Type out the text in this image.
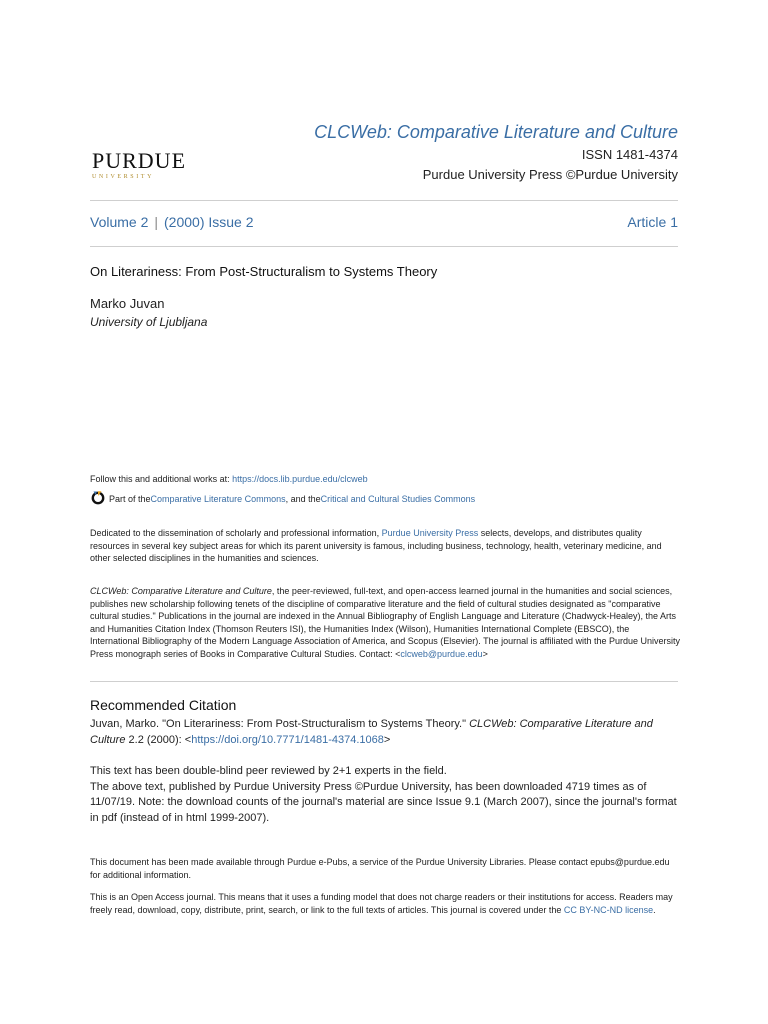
PURDUE
UNIVERSITY
CLCWeb: Comparative Literature and Culture
ISSN 1481-4374
Purdue University Press ©Purdue University
Volume 2 | (2000) Issue 2	Article 1
On Literariness: From Post-Structuralism to Systems Theory
Marko Juvan
University of Ljubljana
Follow this and additional works at: https://docs.lib.purdue.edu/clcweb
Part of the Comparative Literature Commons , and the Critical and Cultural Studies Commons
Dedicated to the dissemination of scholarly and professional information, Purdue University Press selects, develops, and distributes quality resources in several key subject areas for which its parent university is famous, including business, technology, health, veterinary medicine, and other selected disciplines in the humanities and sciences.
CLCWeb: Comparative Literature and Culture, the peer-reviewed, full-text, and open-access learned journal in the humanities and social sciences, publishes new scholarship following tenets of the discipline of comparative literature and the field of cultural studies designated as "comparative cultural studies." Publications in the journal are indexed in the Annual Bibliography of English Language and Literature (Chadwyck-Healey), the Arts and Humanities Citation Index (Thomson Reuters ISI), the Humanities Index (Wilson), Humanities International Complete (EBSCO), the International Bibliography of the Modern Language Association of America, and Scopus (Elsevier). The journal is affiliated with the Purdue University Press monograph series of Books in Comparative Cultural Studies. Contact: <clcweb@purdue.edu>
Recommended Citation
Juvan, Marko. "On Literariness: From Post-Structuralism to Systems Theory." CLCWeb: Comparative Literature and Culture 2.2 (2000): <https://doi.org/10.7771/1481-4374.1068>
This text has been double-blind peer reviewed by 2+1 experts in the field.
The above text, published by Purdue University Press ©Purdue University, has been downloaded 4719 times as of 11/07/19. Note: the download counts of the journal's material are since Issue 9.1 (March 2007), since the journal's format in pdf (instead of in html 1999-2007).
This document has been made available through Purdue e-Pubs, a service of the Purdue University Libraries. Please contact epubs@purdue.edu for additional information.
This is an Open Access journal. This means that it uses a funding model that does not charge readers or their institutions for access. Readers may freely read, download, copy, distribute, print, search, or link to the full texts of articles. This journal is covered under the CC BY-NC-ND license.
